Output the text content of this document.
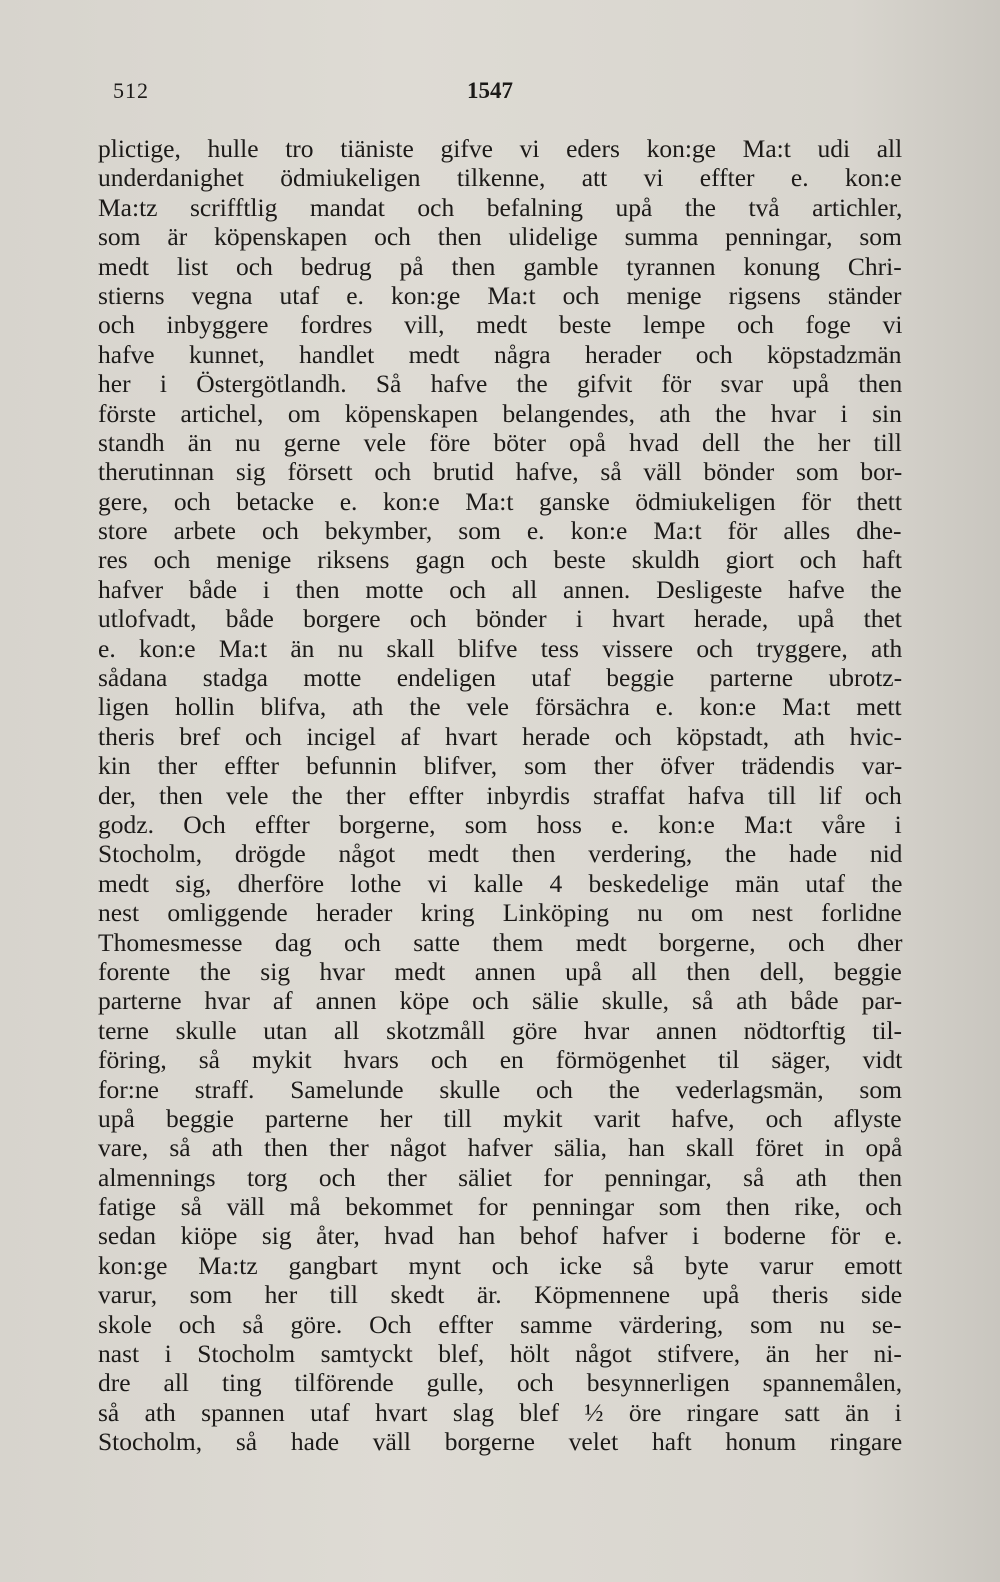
512	1547
plictige, hulle tro tiäniste gifve vi eders kon:ge Ma:t udi all
underdanighet ödmiukeligen tilkenne, att vi effter e. kon:e
Ma:tz scrifftlig mandat och befalning upå the två artichler,
som är köpenskapen och then ulidelige summa penningar, som
medt list och bedrug på then gamble tyrannen konung Chri-
stierns vegna utaf e. kon:ge Ma:t och menige rigsens ständer
och inbyggere fordres vill, medt beste lempe och foge vi
hafve kunnet, handlet medt några herader och köpstadzmän
her i Östergötlandh. Så hafve the gifvit för svar upå then
förste artichel, om köpenskapen belangendes, ath the hvar i sin
standh än nu gerne vele före böter opå hvad dell the her till
therutinnan sig försett och brutid hafve, så väll bönder som bor-
gere, och betacke e. kon:e Ma:t ganske ödmiukeligen för thett
store arbete och bekymber, som e. kon:e Ma:t för alles dhe-
res och menige riksens gagn och beste skuldh giort och haft
hafver både i then motte och all annen. Desligeste hafve the
utlofvadt, både borgere och bönder i hvart herade, upå thet
e. kon:e Ma:t än nu skall blifve tess vissere och tryggere, ath
sådana stadga motte endeligen utaf beggie parterne ubrotz-
ligen hollin blifva, ath the vele försächra e. kon:e Ma:t mett
theris bref och incigel af hvart herade och köpstadt, ath hvic-
kin ther effter befunnin blifver, som ther öfver trädendis var-
der, then vele the ther effter inbyrdis straffat hafva till lif och
godz. Och effter borgerne, som hoss e. kon:e Ma:t våre i
Stocholm, drögde något medt then verdering, the hade nid
medt sig, dherföre lothe vi kalle 4 beskedelige män utaf the
nest omliggende herader kring Linköping nu om nest forlidne
Thomesmesse dag och satte them medt borgerne, och dher
forente the sig hvar medt annen upå all then dell, beggie
parterne hvar af annen köpe och sälie skulle, så ath både par-
terne skulle utan all skotzmåll göre hvar annen nödtorftig til-
föring, så mykit hvars och en förmögenhet til säger, vidt
for:ne straff. Samelunde skulle och the vederlagsmän, som
upå beggie parterne her till mykit varit hafve, och aflyste
vare, så ath then ther något hafver sälia, han skall föret in opå
almennings torg och ther säliet for penningar, så ath then
fatige så väll må bekommet for penningar som then rike, och
sedan kiöpe sig åter, hvad han behof hafver i boderne för e.
kon:ge Ma:tz gangbart mynt och icke så byte varur emott
varur, som her till skedt är. Köpmennene upå theris side
skole och så göre. Och effter samme värdering, som nu se-
nast i Stocholm samtyckt blef, hölt något stifvere, än her ni-
dre all ting tilförende gulle, och besynnerligen spannemålen,
så ath spannen utaf hvart slag blef ½ öre ringare satt än i
Stocholm, så hade väll borgerne velet haft honum ringare
